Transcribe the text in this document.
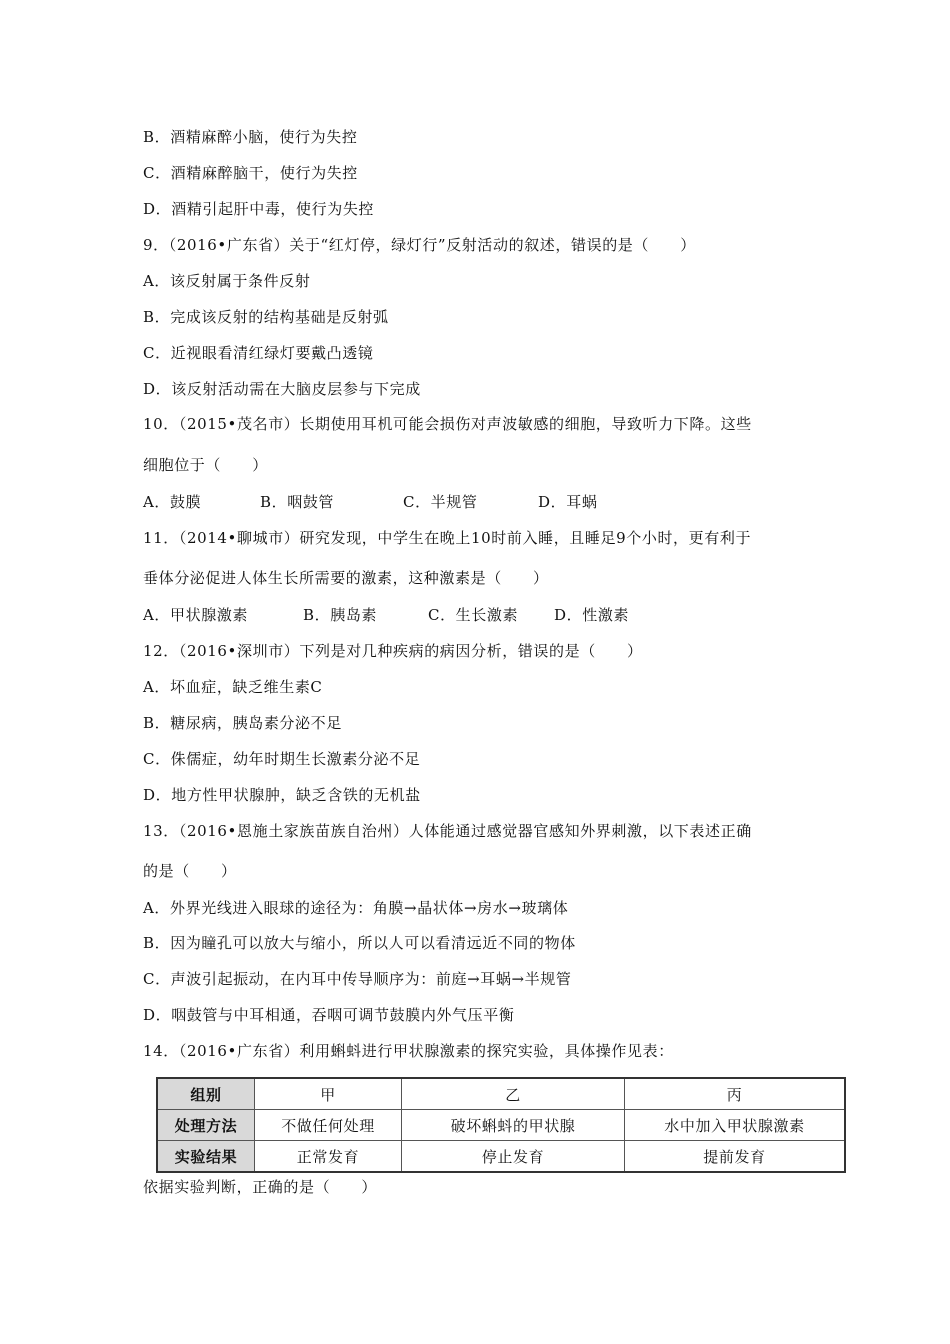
B．酒精麻醉小脑，使行为失控
C．酒精麻醉脑干，使行为失控
D．酒精引起肝中毒，使行为失控
9．（2016•广东省）关于“红灯停，绿灯行”反射活动的叙述，错误的是（　　）
A．该反射属于条件反射
B．完成该反射的结构基础是反射弧
C．近视眼看清红绿灯要戴凸透镜
D．该反射活动需在大脑皮层参与下完成
10．（2015•茂名市）长期使用耳机可能会损伤对声波敏感的细胞，导致听力下降。这些
细胞位于（　　）
A．鼓膜	B．咽鼓管	C．半规管	D．耳蜗
11．（2014•聊城市）研究发现，中学生在晚上10时前入睡，且睡足9个小时，更有利于
垂体分泌促进人体生长所需要的激素，这种激素是（　　）
A．甲状腺激素	B．胰岛素	C．生长激素	D．性激素
12．（2016•深圳市）下列是对几种疾病的病因分析，错误的是（　　）
A．坏血症，缺乏维生素C
B．糖尿病，胰岛素分泌不足
C．侏儒症，幼年时期生长激素分泌不足
D．地方性甲状腺肿，缺乏含铁的无机盐
13．（2016•恩施土家族苗族自治州）人体能通过感觉器官感知外界刺激，以下表述正确
的是（　　）
A．外界光线进入眼球的途径为：角膜→晶状体→房水→玻璃体
B．因为瞳孔可以放大与缩小，所以人可以看清远近不同的物体
C．声波引起振动，在内耳中传导顺序为：前庭→耳蜗→半规管
D．咽鼓管与中耳相通，吞咽可调节鼓膜内外气压平衡
14．（2016•广东省）利用蝌蚪进行甲状腺激素的探究实验，具体操作见表：
组别	甲	乙	丙
处理方法	不做任何处理	破坏蝌蚪的甲状腺	水中加入甲状腺激素
实验结果	正常发育	停止发育	提前发育
依据实验判断，正确的是（　　）
